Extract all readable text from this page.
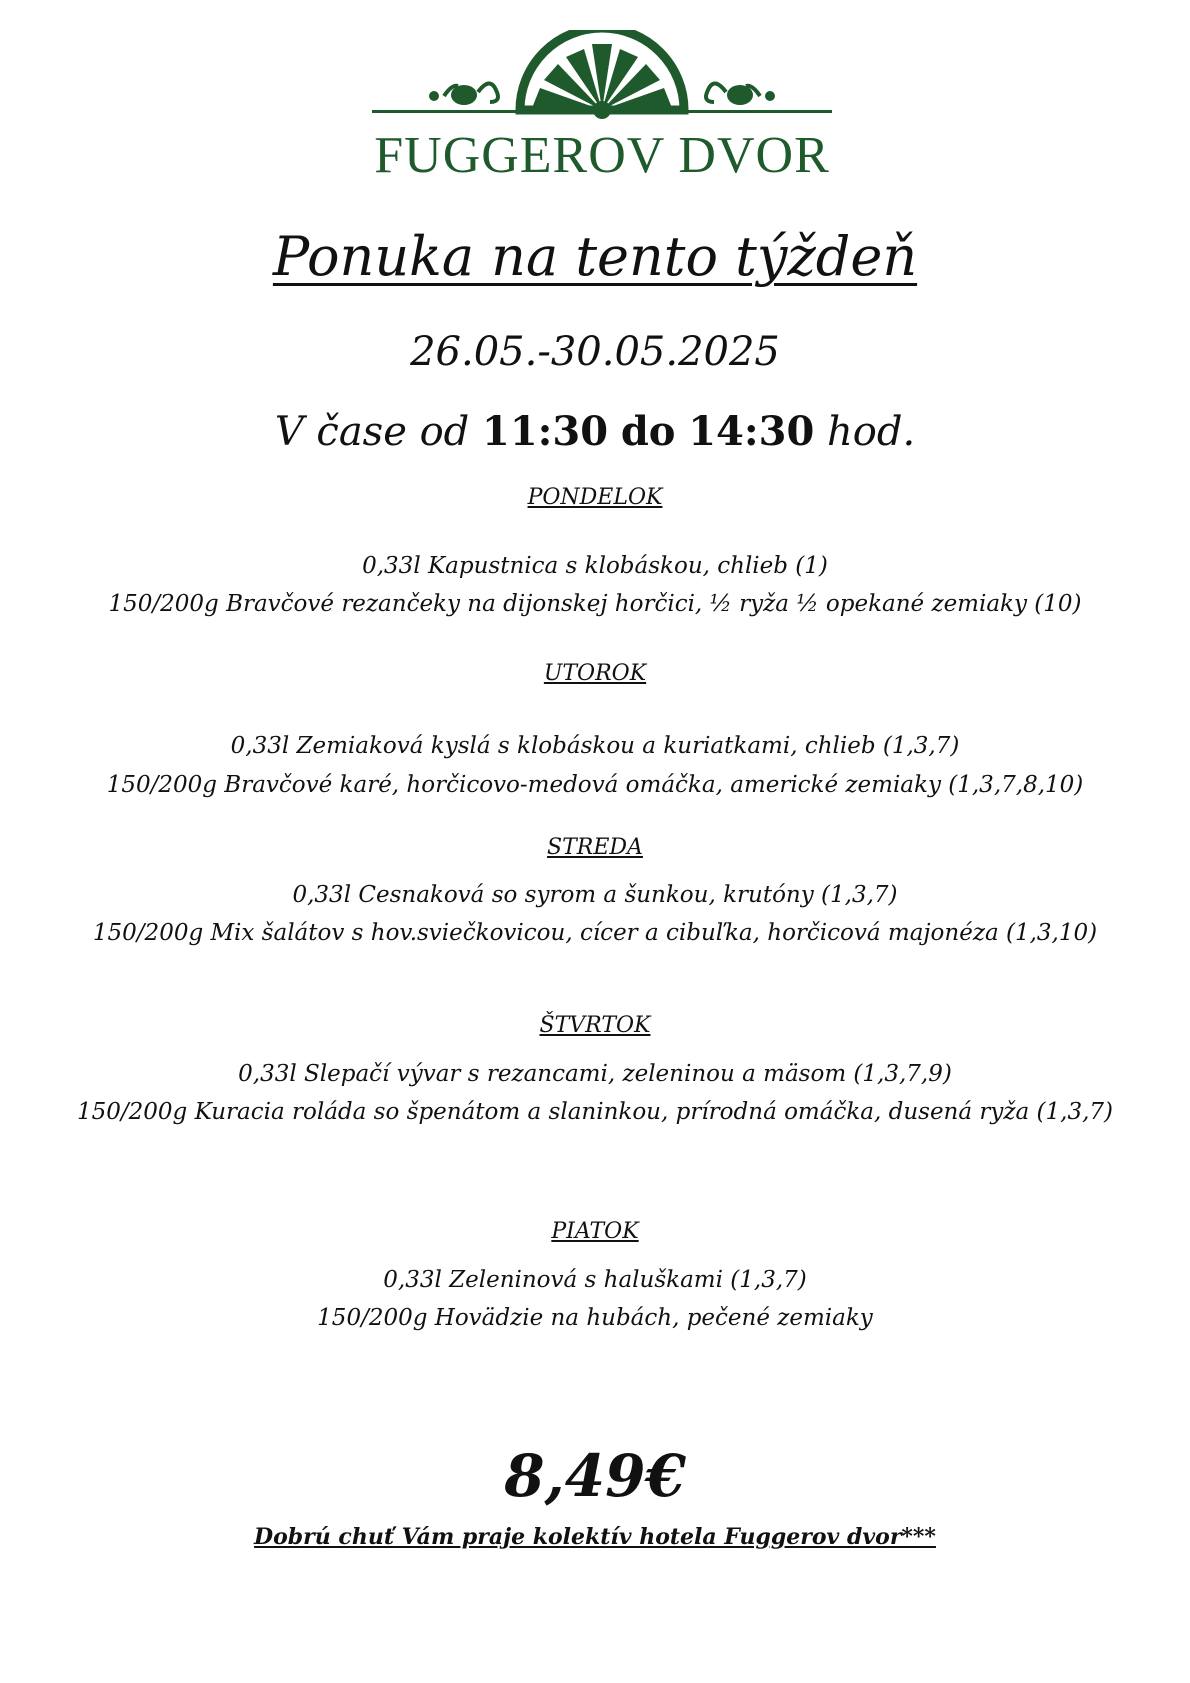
FUGGEROV DVOR
Ponuka na tento týždeň
26.05.-30.05.2025
V čase od 11:30 do 14:30 hod.
PONDELOK
0,33l Kapustnica s klobáskou, chlieb (1)
150/200g Bravčové rezančeky na dijonskej horčici, ½ ryža ½ opekané zemiaky (10)
UTOROK
0,33l Zemiaková kyslá s klobáskou a kuriatkami, chlieb (1,3,7)
150/200g Bravčové karé, horčicovo-medová omáčka, americké zemiaky (1,3,7,8,10)
STREDA
0,33l Cesnaková so syrom a šunkou, krutóny (1,3,7)
150/200g Mix šalátov s hov.sviečkovicou, cícer a cibuľka, horčicová majonéza (1,3,10)
ŠTVRTOK
0,33l Slepačí vývar s rezancami, zeleninou a mäsom (1,3,7,9)
150/200g Kuracia roláda so špenátom a slaninkou, prírodná omáčka, dusená ryža (1,3,7)
PIATOK
0,33l Zeleninová s haluškami (1,3,7)
150/200g Hovädzie na hubách, pečené zemiaky
8,49€
Dobrú chuť Vám praje kolektív hotela Fuggerov dvor***
